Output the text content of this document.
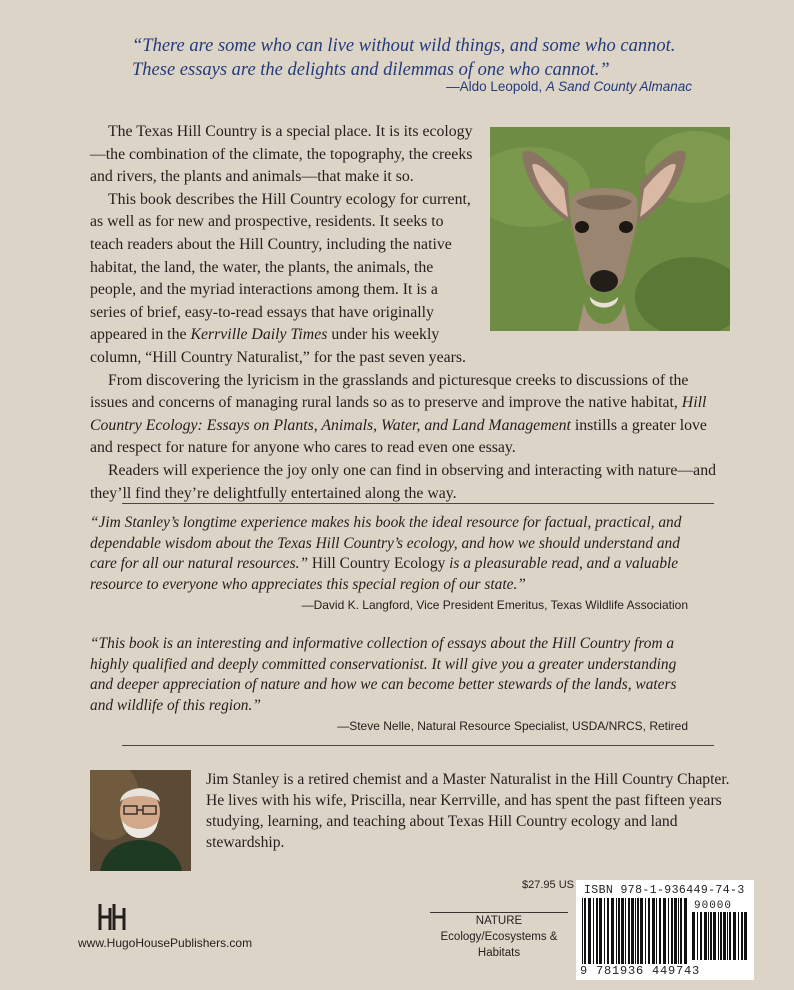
“There are some who can live without wild things, and some who cannot.
These essays are the delights and dilemmas of one who cannot.”
—Aldo Leopold, A Sand County Almanac

The Texas Hill Country is a special place. It is its ecology—the combination of the climate, the topography, the creeks and rivers, the plants and animals—that make it so.

This book describes the Hill Country ecology for current, as well as for new and prospective, residents. It seeks to teach readers about the Hill Country, including the native habitat, the land, the water, the plants, the animals, the people, and the myriad interactions among them. It is a series of brief, easy-to-read essays that have originally appeared in the Kerrville Daily Times under his weekly column, “Hill Country Naturalist,” for the past seven years.

From discovering the lyricism in the grasslands and picturesque creeks to discussions of the issues and concerns of managing rural lands so as to preserve and improve the native habitat, Hill Country Ecology: Essays on Plants, Animals, Water, and Land Management instills a greater love and respect for nature for anyone who cares to read even one essay.

Readers will experience the joy only one can find in observing and interacting with nature—and they’ll find they’re delightfully entertained along the way.

“Jim Stanley’s longtime experience makes his book the ideal resource for factual, practical, and dependable wisdom about the Texas Hill Country’s ecology, and how we should understand and care for all our natural resources.” Hill Country Ecology is a pleasurable read, and a valuable resource to everyone who appreciates this special region of our state.”
—David K. Langford, Vice President Emeritus, Texas Wildlife Association
“This book is an interesting and informative collection of essays about the Hill Country from a highly qualified and deeply committed conservationist. It will give you a greater understanding and deeper appreciation of nature and how we can become better stewards of the lands, waters and wildlife of this region.”
—Steve Nelle, Natural Resource Specialist, USDA/NRCS, Retired
Jim Stanley is a retired chemist and a Master Naturalist in the Hill Country Chapter. He lives with his wife, Priscilla, near Kerrville, and has spent the past fifteen years studying, learning, and teaching about Texas Hill Country ecology and land stewardship.
www.HugoHousePublishers.com
$27.95 US
NATURE
Ecology/Ecosystems & Habitats
ISBN 978-1-936449-74-3
90000
9 781936 449743
